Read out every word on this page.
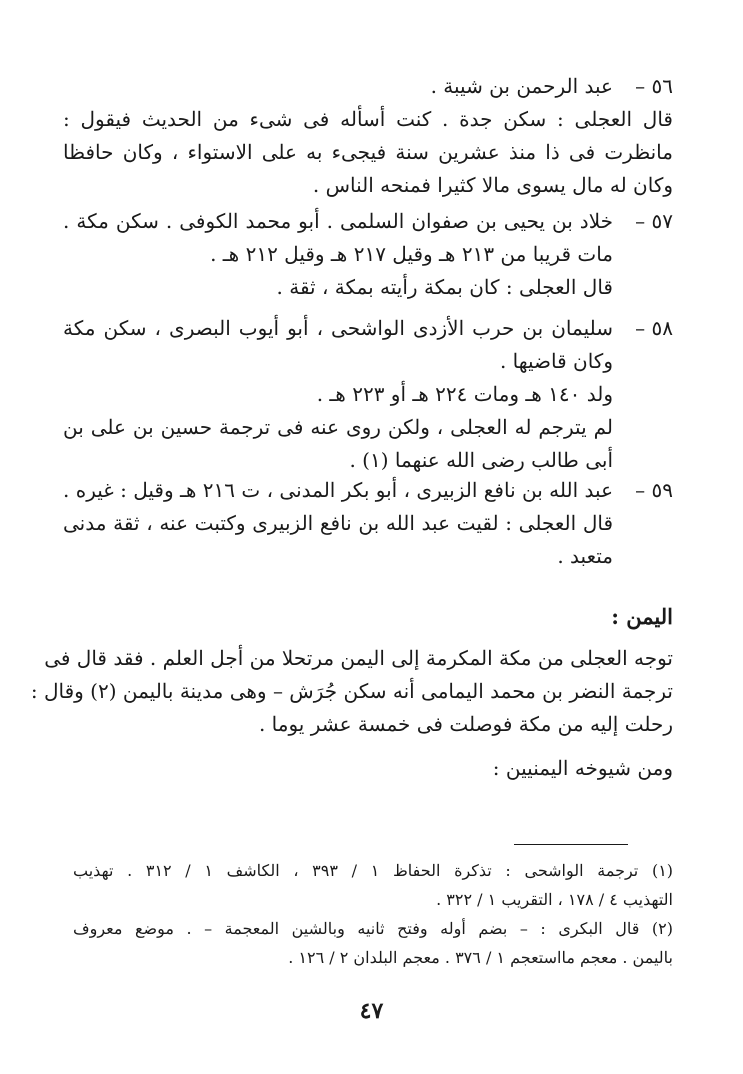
٥٦ –
عبد الرحمن بن شيبة .
قال العجلى : سكن جدة . كنت أسأله فى شىء من الحديث فيقول :
مانظرت فى ذا منذ عشرين سنة فيجىء به على الاستواء ، وكان حافظا
وكان له مال يسوى مالا كثيرا فمنحه الناس .
٥٧ –
خلاد بن يحيى بن صفوان السلمى . أبو محمد الكوفى . سكن مكة .
مات قريبا من ٢١٣ هـ وقيل ٢١٧ هـ وقيل ٢١٢ هـ .
قال العجلى : كان بمكة رأيته بمكة ، ثقة .
٥٨ –
سليمان بن حرب الأزدى الواشحى ، أبو أيوب البصرى ، سكن مكة
وكان قاضيها .
ولد ١٤٠ هـ ومات ٢٢٤ هـ أو ٢٢٣ هـ .
لم يترجم له العجلى ، ولكن روى عنه فى ترجمة حسين بن على بن
أبى طالب رضى الله عنهما (١) .
٥٩ –
عبد الله بن نافع الزبيرى ، أبو بكر المدنى ، ت ٢١٦ هـ وقيل : غيره .
قال العجلى : لقيت عبد الله بن نافع الزبيرى وكتبت عنه ، ثقة مدنى
متعبد .
اليمن :
توجه العجلى من مكة المكرمة إلى اليمن مرتحلا من أجل العلم . فقد قال فى
ترجمة النضر بن محمد اليمامى أنه سكن جُرَش – وهى مدينة باليمن (٢) وقال :
رحلت إليه من مكة فوصلت فى خمسة عشر يوما .
ومن شيوخه اليمنيين :
(١) ترجمة الواشحى : تذكرة الحفاظ ١ / ٣٩٣ ، الكاشف ١ / ٣١٢ . تهذيب
التهذيب ٤ / ١٧٨ ، التقريب ١ / ٣٢٢ .
(٢) قال البكرى : – بضم أوله وفتح ثانيه وبالشين المعجمة – . موضع معروف
باليمن . معجم مااستعجم ١ / ٣٧٦ . معجم البلدان ٢ / ١٢٦ .
٤٧
